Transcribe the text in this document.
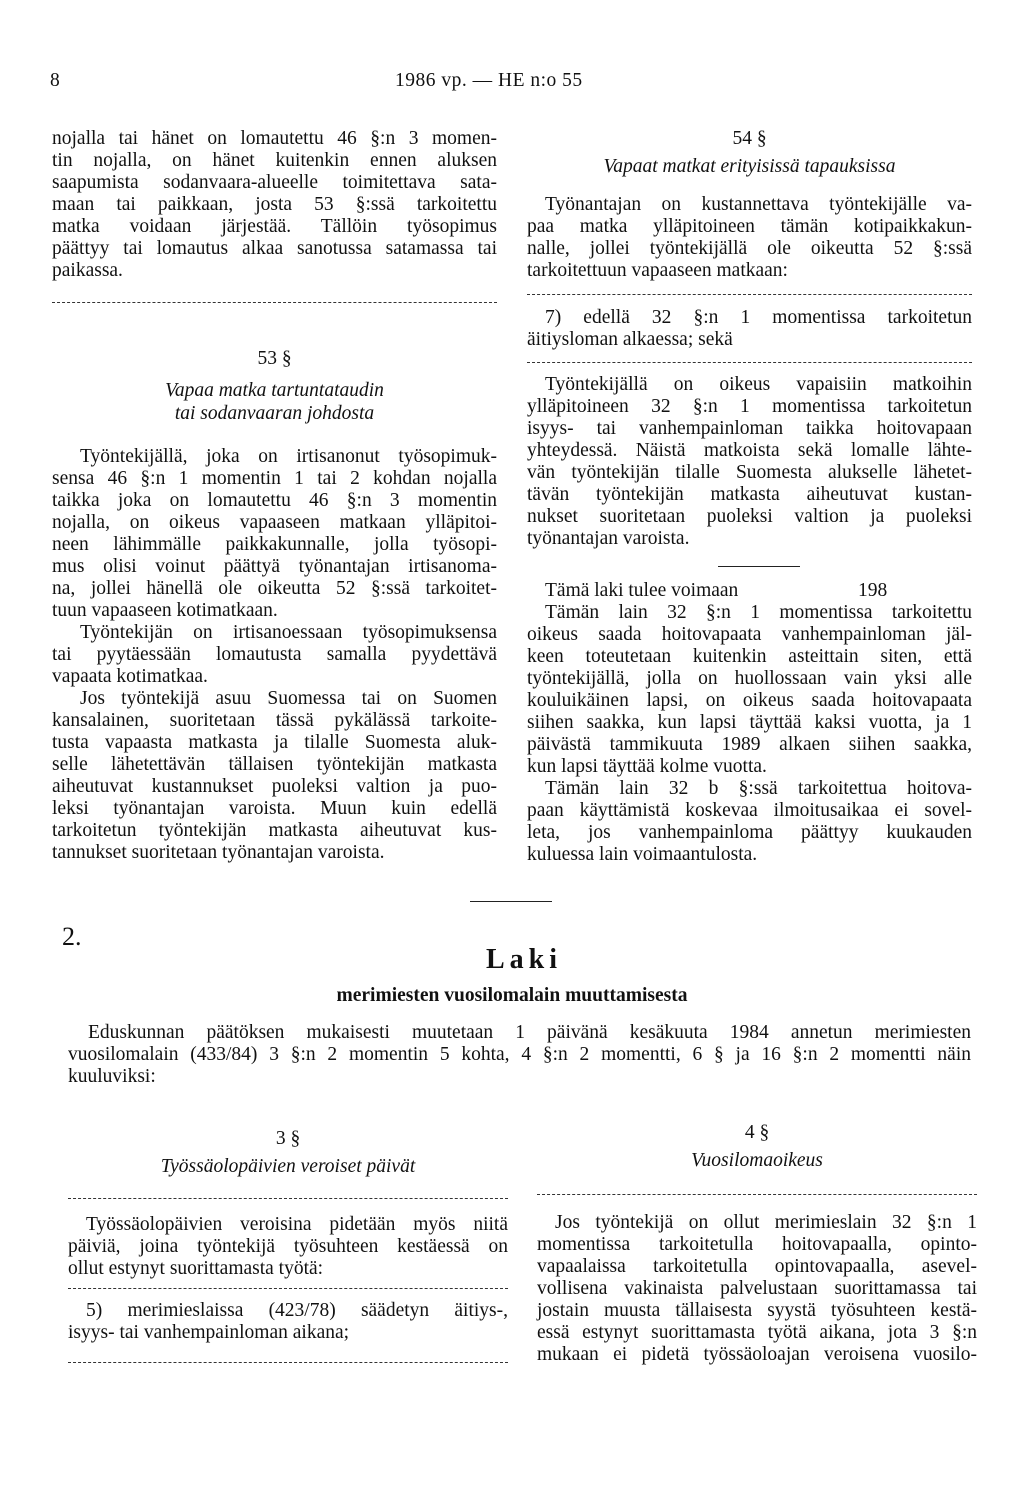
8	1986 vp. — HE n:o 55
nojalla tai hänet on lomautettu 46 §:n 3 momen-
tin nojalla, on hänet kuitenkin ennen aluksen
saapumista sodanvaara-alueelle toimitettava sata-
maan tai paikkaan, josta 53 §:ssä tarkoitettu
matka voidaan järjestää. Tällöin työsopimus
päättyy tai lomautus alkaa sanotussa satamassa tai
paikassa.
53 §
Vapaa matka tartuntataudin
tai sodanvaaran johdosta
Työntekijällä, joka on irtisanonut työsopimuk-
sensa 46 §:n 1 momentin 1 tai 2 kohdan nojalla
taikka joka on lomautettu 46 §:n 3 momentin
nojalla, on oikeus vapaaseen matkaan ylläpitoi-
neen lähimmälle paikkakunnalle, jolla työsopi-
mus olisi voinut päättyä työnantajan irtisanoma-
na, jollei hänellä ole oikeutta 52 §:ssä tarkoitet-
tuun vapaaseen kotimatkaan.
Työntekijän on irtisanoessaan työsopimuksensa
tai pyytäessään lomautusta samalla pyydettävä
vapaata kotimatkaa.
Jos työntekijä asuu Suomessa tai on Suomen
kansalainen, suoritetaan tässä pykälässä tarkoite-
tusta vapaasta matkasta ja tilalle Suomesta aluk-
selle lähetettävän tällaisen työntekijän matkasta
aiheutuvat kustannukset puoleksi valtion ja puo-
leksi työnantajan varoista. Muun kuin edellä
tarkoitetun työntekijän matkasta aiheutuvat kus-
tannukset suoritetaan työnantajan varoista.
54 §
Vapaat matkat erityisissä tapauksissa
Työnantajan on kustannettava työntekijälle va-
paa matka ylläpitoineen tämän kotipaikkakun-
nalle, jollei työntekijällä ole oikeutta 52 §:ssä
tarkoitettuun vapaaseen matkaan:
7) edellä 32 §:n 1 momentissa tarkoitetun
äitiysloman alkaessa; sekä
Työntekijällä on oikeus vapaisiin matkoihin
ylläpitoineen 32 §:n 1 momentissa tarkoitetun
isyys- tai vanhempainloman taikka hoitovapaan
yhteydessä. Näistä matkoista sekä lomalle lähte-
vän työntekijän tilalle Suomesta alukselle lähetet-
tävän työntekijän matkasta aiheutuvat kustan-
nukset suoritetaan puoleksi valtion ja puoleksi
työnantajan varoista.
Tämä laki tulee voimaan	198
Tämän lain 32 §:n 1 momentissa tarkoitettu
oikeus saada hoitovapaata vanhempainloman jäl-
keen toteutetaan kuitenkin asteittain siten, että
työntekijällä, jolla on huollossaan vain yksi alle
kouluikäinen lapsi, on oikeus saada hoitovapaata
siihen saakka, kun lapsi täyttää kaksi vuotta, ja 1
päivästä tammikuuta 1989 alkaen siihen saakka,
kun lapsi täyttää kolme vuotta.
Tämän lain 32 b §:ssä tarkoitettua hoitova-
paan käyttämistä koskevaa ilmoitusaikaa ei sovel-
leta, jos vanhempainloma päättyy kuukauden
kuluessa lain voimaantulosta.
2.
Laki
merimiesten vuosilomalain muuttamisesta
Eduskunnan päätöksen mukaisesti muutetaan 1 päivänä kesäkuuta 1984 annetun merimiesten
vuosilomalain (433/84) 3 §:n 2 momentin 5 kohta, 4 §:n 2 momentti, 6 § ja 16 §:n 2 momentti näin
kuuluviksi:
3 §
Työssäolopäivien veroiset päivät
Työssäolopäivien veroisina pidetään myös niitä
päiviä, joina työntekijä työsuhteen kestäessä on
ollut estynyt suorittamasta työtä:
5) merimieslaissa (423/78) säädetyn äitiys-,
isyys- tai vanhempainloman aikana;
4 §
Vuosilomaoikeus
Jos työntekijä on ollut merimieslain 32 §:n 1
momentissa tarkoitetulla hoitovapaalla, opinto-
vapaalaissa tarkoitetulla opintovapaalla, asevel-
vollisena vakinaista palvelustaan suorittamassa tai
jostain muusta tällaisesta syystä työsuhteen kestä-
essä estynyt suorittamasta työtä aikana, jota 3 §:n
mukaan ei pidetä työssäoloajan veroisena vuosilo-
